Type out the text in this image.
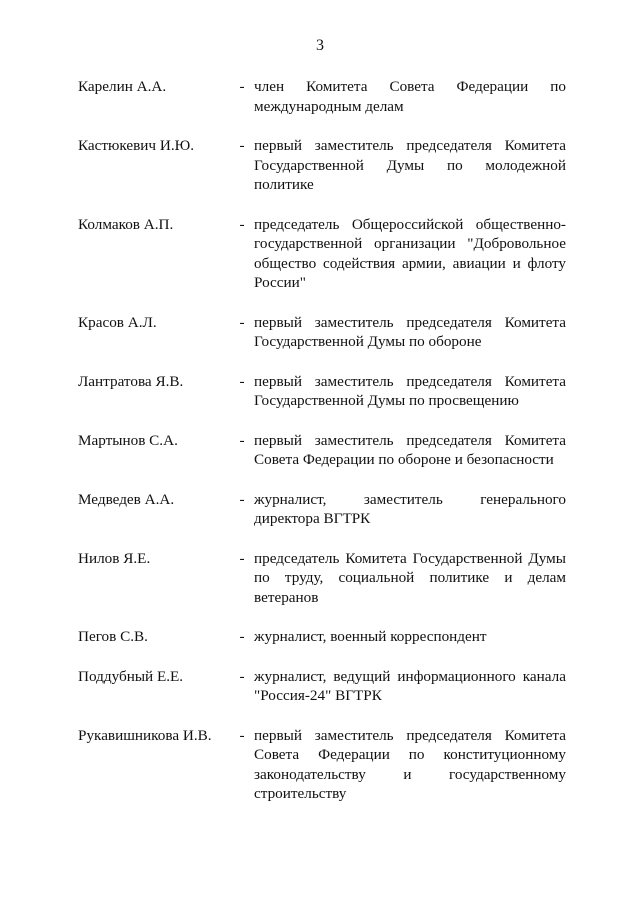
3
Карелин А.А.	- член Комитета Совета Федерации по международным делам
Кастюкевич И.Ю.	- первый заместитель председателя Комитета Государственной Думы по молодежной политике
Колмаков А.П.	- председатель Общероссийской общественно-государственной организации "Добровольное общество содействия армии, авиации и флоту России"
Красов А.Л.	- первый заместитель председателя Комитета Государственной Думы по обороне
Лантратова Я.В.	- первый заместитель председателя Комитета Государственной Думы по просвещению
Мартынов С.А.	- первый заместитель председателя Комитета Совета Федерации по обороне и безопасности
Медведев А.А.	- журналист, заместитель генерального директора ВГТРК
Нилов Я.Е.	- председатель Комитета Государственной Думы по труду, социальной политике и делам ветеранов
Пегов С.В.	- журналист, военный корреспондент
Поддубный Е.Е.	- журналист, ведущий информационного канала "Россия-24" ВГТРК
Рукавишникова И.В.	- первый заместитель председателя Комитета Совета Федерации по конституционному законодательству и государственному строительству
